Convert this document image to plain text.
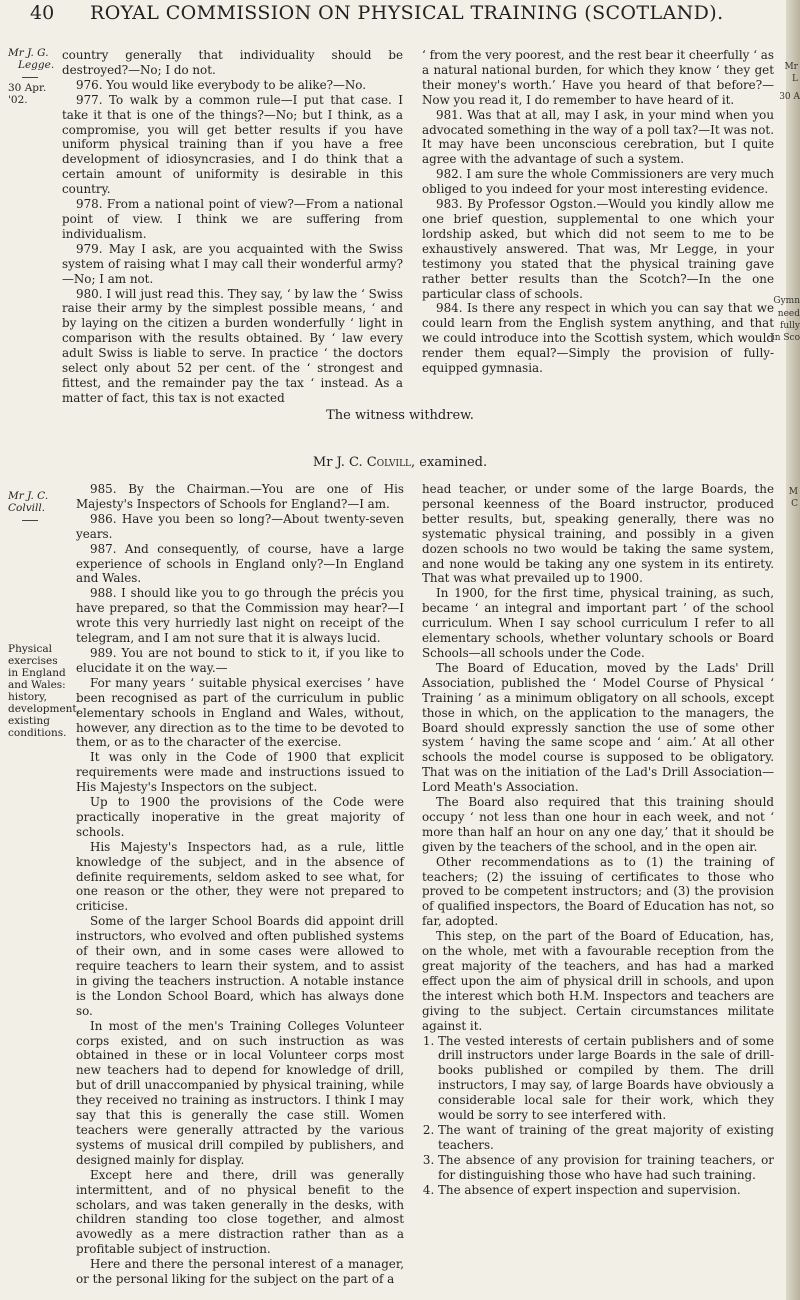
40 ROYAL COMMISSION ON PHYSICAL TRAINING (SCOTLAND).
Mr J. G.
Legge.
30 Apr. '02.

country generally that individuality should be destroyed?—No; I do not.

976. You would like everybody to be alike?—No.

977. To walk by a common rule—I put that case. I take it that is one of the things?—No; but I think, as a compromise, you will get better results if you have uniform physical training than if you have a free development of idiosyncrasies, and I do think that a certain amount of uniformity is desirable in this country.

978. From a national point of view?—From a national point of view. I think we are suffering from individualism.

979. May I ask, are you acquainted with the Swiss system of raising what I may call their wonderful army?—No; I am not.

980. I will just read this. They say, ‘ by law the ‘ Swiss raise their army by the simplest possible means, ‘ and by laying on the citizen a burden wonderfully ‘ light in comparison with the results obtained. By ‘ law every adult Swiss is liable to serve. In practice ‘ the doctors select only about 52 per cent. of the ‘ strongest and fittest, and the remainder pay the tax ‘ instead. As a matter of fact, this tax is not exacted

‘ from the very poorest, and the rest bear it cheerfully ‘ as a natural national burden, for which they know ‘ they get their money's worth.’ Have you heard of that before?—Now you read it, I do remember to have heard of it.

981. Was that at all, may I ask, in your mind when you advocated something in the way of a poll tax?—It was not. It may have been unconscious cerebration, but I quite agree with the advantage of such a system.

982. I am sure the whole Commissioners are very much obliged to you indeed for your most interesting evidence.

983. By Professor Ogston.—Would you kindly allow me one brief question, supplemental to one which your lordship asked, but which did not seem to me to be exhaustively answered. That was, Mr Legge, in your testimony you stated that the physical training gave rather better results than the Scotch?—In the one particular class of schools.

984. Is there any respect in which you can say that we could learn from the English system anything, and that we could introduce into the Scottish system, which would render them equal?—Simply the provision of fully-equipped gymnasia.

The witness withdrew.
Mr J. C. Colvill, examined.
Mr J. C.
Colvill.
Physical exercises in England and Wales: history, development, existing conditions.

985. By the Chairman.—You are one of His Majesty's Inspectors of Schools for England?—I am.

986. Have you been so long?—About twenty-seven years.

987. And consequently, of course, have a large experience of schools in England only?—In England and Wales.

988. I should like you to go through the précis you have prepared, so that the Commission may hear?—I wrote this very hurriedly last night on receipt of the telegram, and I am not sure that it is always lucid.

989. You are not bound to stick to it, if you like to elucidate it on the way.—

For many years ‘ suitable physical exercises ’ have been recognised as part of the curriculum in public elementary schools in England and Wales, without, however, any direction as to the time to be devoted to them, or as to the character of the exercise.

It was only in the Code of 1900 that explicit requirements were made and instructions issued to His Majesty's Inspectors on the subject.

Up to 1900 the provisions of the Code were practically inoperative in the great majority of schools.

His Majesty's Inspectors had, as a rule, little knowledge of the subject, and in the absence of definite requirements, seldom asked to see what, for one reason or the other, they were not prepared to criticise.

Some of the larger School Boards did appoint drill instructors, who evolved and often published systems of their own, and in some cases were allowed to require teachers to learn their system, and to assist in giving the teachers instruction. A notable instance is the London School Board, which has always done so.

In most of the men's Training Colleges Volunteer corps existed, and on such instruction as was obtained in these or in local Volunteer corps most new teachers had to depend for knowledge of drill, but of drill unaccompanied by physical training, while they received no training as instructors. I think I may say that this is generally the case still. Women teachers were generally attracted by the various systems of musical drill compiled by publishers, and designed mainly for display.

Except here and there, drill was generally intermittent, and of no physical benefit to the scholars, and was taken generally in the desks, with children standing too close together, and almost avowedly as a mere distraction rather than as a profitable subject of instruction.

Here and there the personal interest of a manager, or the personal liking for the subject on the part of a

head teacher, or under some of the large Boards, the personal keenness of the Board instructor, produced better results, but, speaking generally, there was no systematic physical training, and possibly in a given dozen schools no two would be taking the same system, and none would be taking any one system in its entirety. That was what prevailed up to 1900.

In 1900, for the first time, physical training, as such, became ‘ an integral and important part ’ of the school curriculum. When I say school curriculum I refer to all elementary schools, whether voluntary schools or Board Schools—all schools under the Code.

The Board of Education, moved by the Lads' Drill Association, published the ‘ Model Course of Physical ‘ Training ’ as a minimum obligatory on all schools, except those in which, on the application to the managers, the Board should expressly sanction the use of some other system ‘ having the same scope and ‘ aim.’ At all other schools the model course is supposed to be obligatory. That was on the initiation of the Lad's Drill Association—Lord Meath's Association.

The Board also required that this training should occupy ‘ not less than one hour in each week, and not ‘ more than half an hour on any one day,’ that it should be given by the teachers of the school, and in the open air.

Other recommendations as to (1) the training of teachers; (2) the issuing of certificates to those who proved to be competent instructors; and (3) the provision of qualified inspectors, the Board of Education has not, so far, adopted.

This step, on the part of the Board of Education, has, on the whole, met with a favourable reception from the great majority of the teachers, and has had a marked effect upon the aim of physical drill in schools, and upon the interest which both H.M. Inspectors and teachers are giving to the subject. Certain circumstances militate against it.

1. The vested interests of certain publishers and of some drill instructors under large Boards in the sale of drill-books published or compiled by them. The drill instructors, I may say, of large Boards have obviously a considerable local sale for their work, which they would be sorry to see interfered with.
2. The want of training of the great majority of existing teachers.
3. The absence of any provision for training teachers, or for distinguishing those who have had such training.
4. The absence of expert inspection and supervision.
Mr
L
30 A
Gymn
need
fully
in Sco
M
C
